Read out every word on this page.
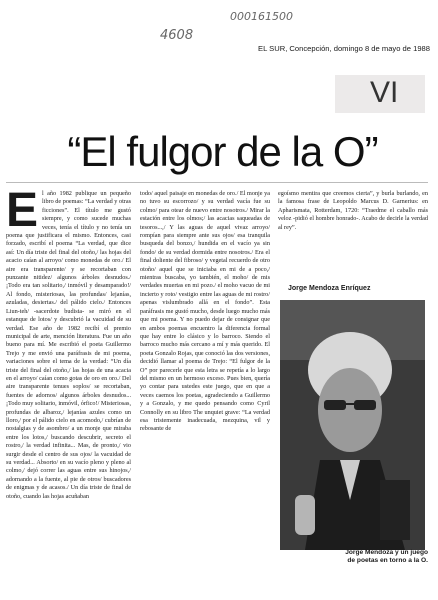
000161500
4608
EL SUR, Concepción, domingo 8 de mayo de 1988
VI
“El fulgor de la O”
E l año 1982 publique un pequeño libro de poemas: “La verdad y otras ficciones”. El título me gustó siempre, y como sucede muchas veces, tenía el título y no tenía un poema que justificara el mismo. Entonces, casi forzado, escribí el poema “La verdad, que dice así: Un día triste del final del otoño,/ las hojas del acacio caían al arroyo/ como monedas de oro./ El aire era transparente/ y se recortaban con punzante nitidez/ algunos árboles desnudos./ ¡Todo era tan solitario,/ inmóvil y desamparado!/ Al fondo, misteriosas, las profundas/ lejanías, azuladas, desiertas./ del pálido cielo./ Entonces Liun-teh/ -sacerdote budista- se miró en el estanque de lotos/ y descubrió la vacuidad de su verdad. Ese año de 1982 recibí el premio municipal de arte, mención literatura. Fue un año bueno para mí. Me escribió el poeta Guillermo Trejo y me envió una paráfrasis de mi poema, variaciones sobre el tema de la verdad: “Un día triste del final del otoño,/ las hojas de una acacia en el arroyo/ caían como gotas de oro en oro./ Del aire transparente tenues soplos/ se recortaban, fuentes de adornos/ algunos árboles desnudos... ¡Todo muy solitario, inmóvil, órfico!/ Misteriosas, profundas de albaroz,/ lejanías azules como un lloro,/ por el pálido cielo en acomodo,/ cubrían de nostalgias y de asombro/ a un monje que miraba entre los lotos,/ buscando descubrir, secreto el rostro,/ la verdad infinita... Mas, de pronto,/ vio surgir desde el centro de sus ojos/ la vacuidad de su verdad... Absorto/ en su vacío pleno y pleno al colmo,/ dejó correr las aguas entre sus hinojos,/ adornando a la fuente, al pie de otros/ buscadores de enigmas y de acasos./ Un día triste de final de otoño, cuando las hojas acuñaban
todo/ aquel paisaje en monedas de oro./ El monje ya no tuvo su escorrozo/ y su verdad vacía fue su colmo/ para otear de nuevo entre nosotros./ Mirar la estación entre los olmos;/ las acacias saqueadas de tesoros...,/ Y las aguas de aquel vivaz arroyo/ rompían para siempre ante sus ojos/ esa tranquila busqueda del bonzo,/ hundida en el vacío ya sin fondo/ de su verdad dormida entre nosotros./ Era el final doliente del fibroso/ y vegetal recuerdo de otro otoño/ aquel que se iniciaba en mi de a poco,/ mientras buscaba, yo también, el moho/ de mis verdades muertas en mi pozo./ el moho vacuo de mi incierto y roto/ vestigio entre las aguas de mi rostro/ apenas vislumbrado allá en el fondo”. Esta paráfrasis me gustó mucho, desde luego mucho más que mi poema. Y no puedo dejar de consignar que en ambos poemas encuentro la diferencia formal que hay entre lo clásico y lo barroco. Siendo el barroco mucho más cercano a mí y más querido. El poeta Gonzalo Rojas, que conoció las dos versiones, decidió llamar al poema de Trejo: “El fulgor de la O” por parecerle que esta letra se repetía a lo largo del mismo en un hermoso exceso. Pues bien, quería yo contar para ustedes este juego, que en que a veces caemos los poetas, agradeciendo a Guillermo y a Gonzalo, y me quedo pensando como Cyril Connolly en su libro The unquiet grave: “La verdad esa tristemente inadecuada, mezquina, vil y rebosante de
egoísmo mentira que creemos cierta”, y burla burlando, en la famosa frase de Leopoldo Marcus D. Garnerius: en Apharismata, Rotterdam, 1720: “Traedme el caballo más veloz -pidió el hombre honrado-. Acabo de decirle la verdad al rey”.
Jorge Mendoza Enríquez
Jorge Mendoza y un juego de poetas en torno a la O.
